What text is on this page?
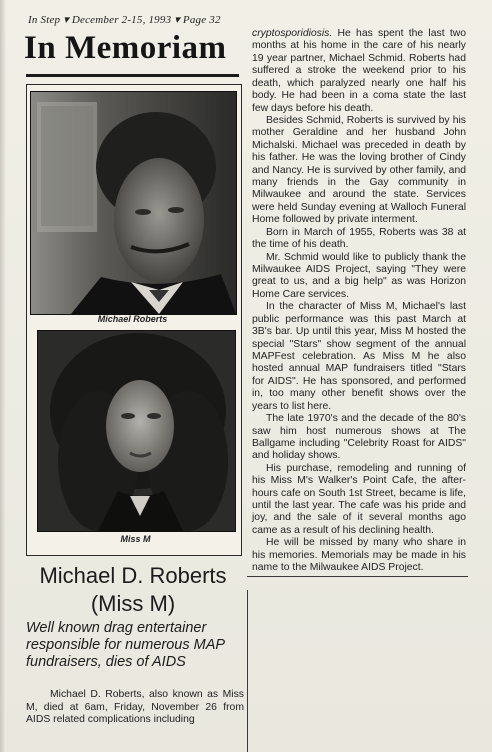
In Step ▾ December 2-15, 1993 ▾ Page 32
In Memoriam
Michael Roberts
Miss M
Michael D. Roberts
(Miss M)
Well known drag entertainer responsible for numerous MAP fundraisers, dies of AIDS
Michael D. Roberts, also known as Miss M, died at 6am, Friday, November 26 from AIDS related complications including

cryptosporidiosis. He has spent the last two months at his home in the care of his nearly 19 year partner, Michael Schmid. Roberts had suffered a stroke the weekend prior to his death, which paralyzed nearly one half his body. He had been in a coma state the last few days before his death.

Besides Schmid, Roberts is survived by his mother Geraldine and her husband John Michalski. Michael was preceded in death by his father. He was the loving brother of Cindy and Nancy. He is survived by other family, and many friends in the Gay community in Milwaukee and around the state. Services were held Sunday evening at Walloch Funeral Home followed by private interment.

Born in March of 1955, Roberts was 38 at the time of his death.

Mr. Schmid would like to publicly thank the Milwaukee AIDS Project, saying "They were great to us, and a big help" as was Horizon Home Care services.

In the character of Miss M, Michael's last public performance was this past March at 3B's bar. Up until this year, Miss M hosted the special "Stars" show segment of the annual MAPFest celebration. As Miss M he also hosted annual MAP fundraisers titled "Stars for AIDS". He has sponsored, and performed in, too many other benefit shows over the years to list here.

The late 1970's and the decade of the 80's saw him host numerous shows at The Ballgame including "Celebrity Roast for AIDS" and holiday shows.

His purchase, remodeling and running of his Miss M's Walker's Point Cafe, the after-hours cafe on South 1st Street, became is life, until the last year. The cafe was his pride and joy, and the sale of it several months ago came as a result of his declining health.

He will be missed by many who share in his memories. Memorials may be made in his name to the Milwaukee AIDS Project.
